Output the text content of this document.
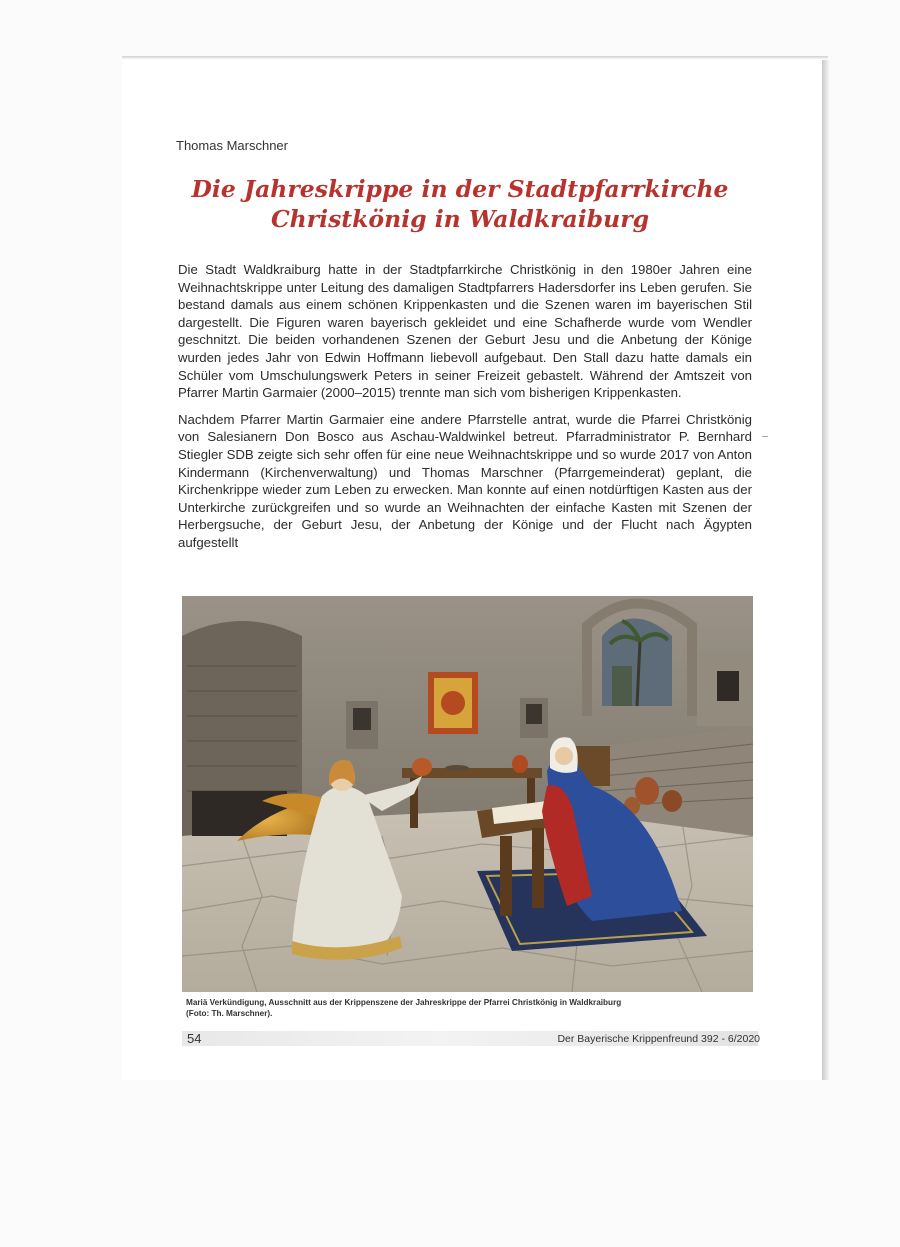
Thomas Marschner
Die Jahreskrippe in der Stadtpfarrkirche
Christkönig in Waldkraiburg

Die Stadt Waldkraiburg hatte in der Stadtpfarrkirche Christkönig in den 1980er Jahren eine Weihnachtskrippe unter Leitung des damaligen Stadtpfarrers Hadersdorfer ins Leben gerufen. Sie bestand damals aus einem schönen Krippenkasten und die Szenen waren im bayerischen Stil dargestellt. Die Figuren waren bayerisch gekleidet und eine Schafherde wurde vom Wendler geschnitzt. Die beiden vorhandenen Szenen der Geburt Jesu und die Anbetung der Könige wurden jedes Jahr von Edwin Hoffmann liebevoll aufgebaut. Den Stall dazu hatte damals ein Schüler vom Umschulungswerk Peters in seiner Freizeit gebastelt. Während der Amtszeit von Pfarrer Martin Garmaier (2000–2015) trennte man sich vom bisherigen Krippenkasten.

Nachdem Pfarrer Martin Garmaier eine andere Pfarrstelle antrat, wurde die Pfarrei Christkönig von Salesianern Don Bosco aus Aschau-Waldwinkel betreut. Pfarradministrator P. Bernhard Stiegler SDB zeigte sich sehr offen für eine neue Weihnachtskrippe und so wurde 2017 von Anton Kindermann (Kirchenverwaltung) und Thomas Marschner (Pfarrgemeinderat) geplant, die Kirchenkrippe wieder zum Leben zu erwecken. Man konnte auf einen notdürftigen Kasten aus der Unterkirche zurückgreifen und so wurde an Weihnachten der einfache Kasten mit Szenen der Herbergsuche, der Geburt Jesu, der Anbetung der Könige und der Flucht nach Ägypten aufgestellt

Mariä Verkündigung, Ausschnitt aus der Krippenszene der Jahreskrippe der Pfarrei Christkönig in Waldkraiburg
(Foto: Th. Marschner).
54	Der Bayerische Krippenfreund 392 - 6/2020
